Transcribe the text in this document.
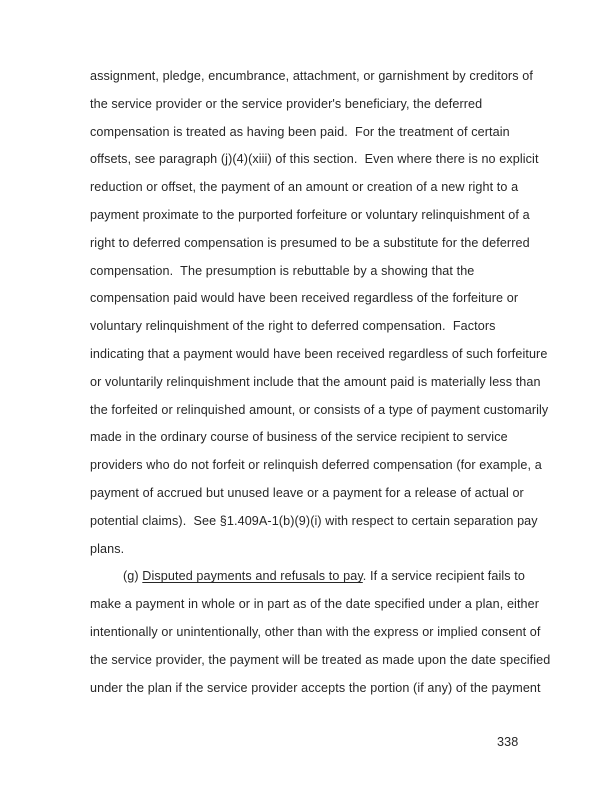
assignment, pledge, encumbrance, attachment, or garnishment by creditors of
the service provider or the service provider's beneficiary, the deferred
compensation is treated as having been paid.  For the treatment of certain
offsets, see paragraph (j)(4)(xiii) of this section.  Even where there is no explicit
reduction or offset, the payment of an amount or creation of a new right to a
payment proximate to the purported forfeiture or voluntary relinquishment of a
right to deferred compensation is presumed to be a substitute for the deferred
compensation.  The presumption is rebuttable by a showing that the
compensation paid would have been received regardless of the forfeiture or
voluntary relinquishment of the right to deferred compensation.  Factors
indicating that a payment would have been received regardless of such forfeiture
or voluntarily relinquishment include that the amount paid is materially less than
the forfeited or relinquished amount, or consists of a type of payment customarily
made in the ordinary course of business of the service recipient to service
providers who do not forfeit or relinquish deferred compensation (for example, a
payment of accrued but unused leave or a payment for a release of actual or
potential claims).  See §1.409A-1(b)(9)(i) with respect to certain separation pay
plans.
(g) Disputed payments and refusals to pay. If a service recipient fails to
make a payment in whole or in part as of the date specified under a plan, either
intentionally or unintentionally, other than with the express or implied consent of
the service provider, the payment will be treated as made upon the date specified
under the plan if the service provider accepts the portion (if any) of the payment
338
